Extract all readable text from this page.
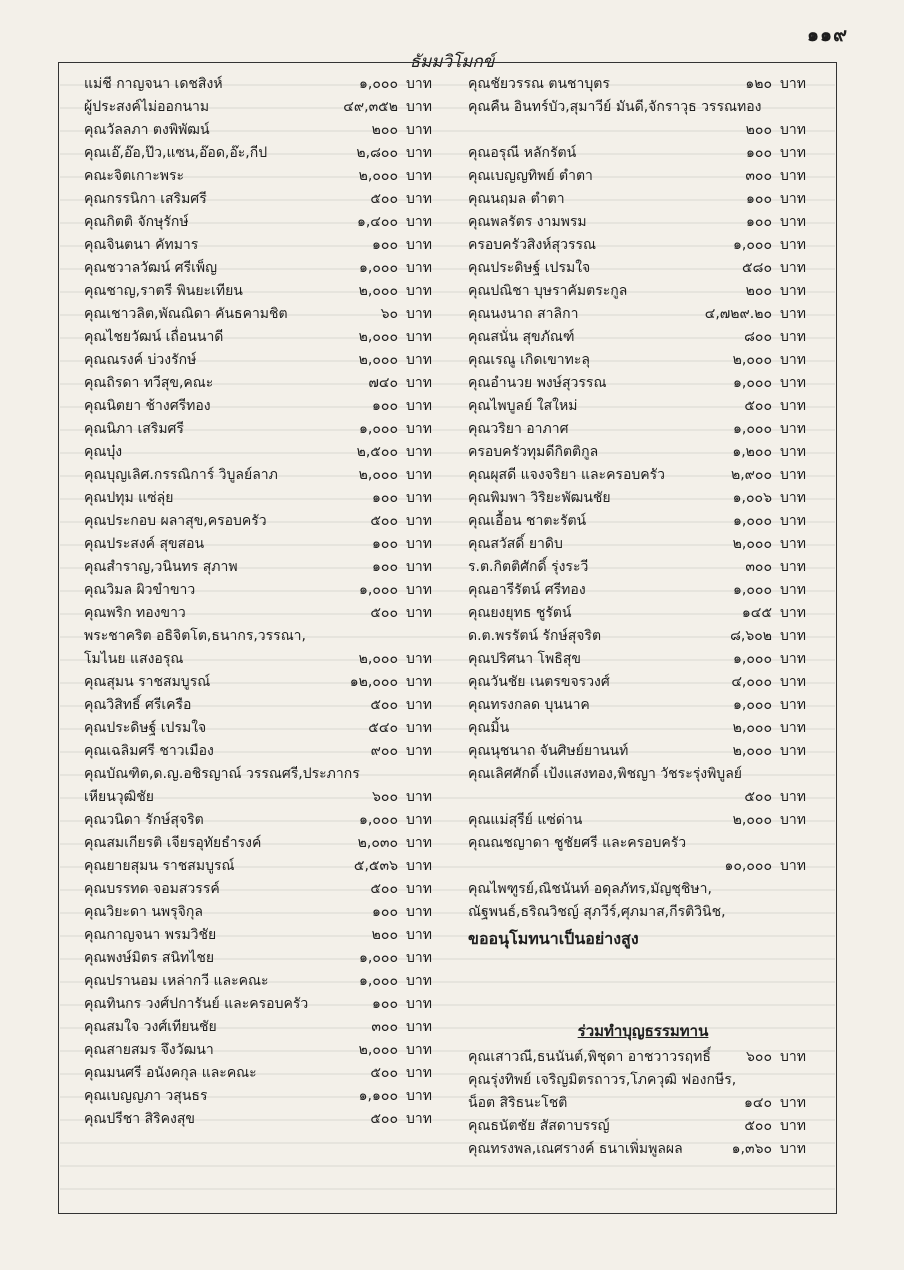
๑๑๙
ธัมมวิโมกข์
แม่ชี กาญจนา เดชสิงห์	๑,๐๐๐ บาท
ผู้ประสงค์ไม่ออกนาม	๔๙,๓๕๒ บาท
คุณวัลลภา ตงพิพัฒน์	๒๐๐ บาท
คุณเอ๊,อ๊อ,ป๊ว,แซน,อ๊อด,อ๊ะ,กีป	๒,๘๐๐ บาท
คณะจิตเกาะพระ	๒,๐๐๐ บาท
คุณกรรนิกา เสริมศรี	๕๐๐ บาท
คุณกิตติ จักษุรักษ์	๑,๔๐๐ บาท
คุณจินตนา คัทมาร	๑๐๐ บาท
คุณชวาลวัฒน์ ศรีเพ็ญ	๑,๐๐๐ บาท
คุณชาญ,ราตรี พินยะเทียน	๒,๐๐๐ บาท
คุณเชาวลิต,พัณณิดา คันธคามชิต	๖๐ บาท
คุณไชยวัฒน์ เถื่อนนาดี	๒,๐๐๐ บาท
คุณณรงค์ บ่วงรักษ์	๒,๐๐๐ บาท
คุณถิรดา ทวีสุข,คณะ	๗๔๐ บาท
คุณนิตยา ช้างศรีทอง	๑๐๐ บาท
คุณนิภา เสริมศรี	๑,๐๐๐ บาท
คุณบุ๋ง	๒,๕๐๐ บาท
คุณบุญเลิศ.กรรณิการ์ วิบูลย์ลาภ	๒,๐๐๐ บาท
คุณปทุม แซ่ลุ่ย	๑๐๐ บาท
คุณประกอบ ผลาสุข,ครอบครัว	๕๐๐ บาท
คุณประสงค์ สุขสอน	๑๐๐ บาท
คุณสำราญ,วนินทร สุภาพ	๑๐๐ บาท
คุณวิมล ผิวขำขาว	๑,๐๐๐ บาท
คุณพริก ทองขาว	๕๐๐ บาท
พระชาคริต อธิจิตโต,ธนากร,วรรณา,
โมไนย แสงอรุณ	๒,๐๐๐ บาท
คุณสุมน ราชสมบูรณ์	๑๒,๐๐๐ บาท
คุณวิสิทธิ์ ศรีเครือ	๕๐๐ บาท
คุณประดิษฐ์ เปรมใจ	๕๔๐ บาท
คุณเฉลิมศรี ชาวเมือง	๙๐๐ บาท
คุณบัณฑิต,ด.ญ.อชิรญาณ์ วรรณศรี,ประภากร
เหียนวุฒิชัย	๖๐๐ บาท
คุณวนิดา รักษ์สุจริต	๑,๐๐๐ บาท
คุณสมเกียรติ เจียรอุทัยธำรงค์	๒,๐๓๐ บาท
คุณยายสุมน ราชสมบูรณ์	๕,๕๓๖ บาท
คุณบรรทด จอมสวรรค์	๕๐๐ บาท
คุณวิยะดา นพรุจิกุล	๑๐๐ บาท
คุณกาญจนา พรมวิชัย	๒๐๐ บาท
คุณพงษ์มิตร สนิทไชย	๑,๐๐๐ บาท
คุณปรานอม เหล่ากวี และคณะ	๑,๐๐๐ บาท
คุณทินกร วงศ์ปการันย์ และครอบครัว	๑๐๐ บาท
คุณสมใจ วงศ์เทียนชัย	๓๐๐ บาท
คุณสายสมร จึงวัฒนา	๒,๐๐๐ บาท
คุณมนศรี อนังคกุล และคณะ	๕๐๐ บาท
คุณเบญญภา วสุนธร	๑,๑๐๐ บาท
คุณปรีชา สิริคงสุข	๕๐๐ บาท
คุณชัยวรรณ ตนชาบุตร	๑๒๐ บาท
คุณคืน อินทร์บัว,สุมาวีย์ มันดี,จักราวุธ วรรณทอง
๒๐๐ บาท
คุณอรุณี หลักรัตน์	๑๐๐ บาท
คุณเบญญทิพย์ ตำตา	๓๐๐ บาท
คุณนฤมล ตำตา	๑๐๐ บาท
คุณพลรัตร งามพรม	๑๐๐ บาท
ครอบครัวสิงห์สุวรรณ	๑,๐๐๐ บาท
คุณประดิษฐ์ เปรมใจ	๕๘๐ บาท
คุณปณิชา บุษราคัมตระกูล	๒๐๐ บาท
คุณนงนาถ สาลิกา	๔,๗๒๙.๒๐ บาท
คุณสนั่น สุขภัณฑ์	๘๐๐ บาท
คุณเรณู เกิดเขาทะลุ	๒,๐๐๐ บาท
คุณอำนวย พงษ์สุวรรณ	๑,๐๐๐ บาท
คุณไพบูลย์ ใสใหม่	๕๐๐ บาท
คุณวริยา อาภาศ	๑,๐๐๐ บาท
ครอบครัวทุมดีกิตติกูล	๑,๒๐๐ บาท
คุณผุสดี แจงจริยา และครอบครัว	๒,๙๐๐ บาท
คุณพิมพา วิริยะพัฒนชัย	๑,๐๐๖ บาท
คุณเอื้อน ชาตะรัตน์	๑,๐๐๐ บาท
คุณสวัสดิ์ ยาดิบ	๒,๐๐๐ บาท
ร.ต.กิตติศักดิ์ รุ่งระวี	๓๐๐ บาท
คุณอารีรัตน์ ศรีทอง	๑,๐๐๐ บาท
คุณยงยุทธ ชูรัตน์	๑๔๕ บาท
ด.ต.พรรัตน์ รักษ์สุจริต	๘,๖๐๒ บาท
คุณปริศนา โพธิสุข	๑,๐๐๐ บาท
คุณวันชัย เนตรขจรวงศ์	๔,๐๐๐ บาท
คุณทรงกลด บุนนาค	๑,๐๐๐ บาท
คุณมิ้น	๒,๐๐๐ บาท
คุณนุชนาถ จันศิษย์ยานนท์	๒,๐๐๐ บาท
คุณเลิศศักดิ์ เป้งแสงทอง,พิชญา วัชระรุ่งพิบูลย์
๕๐๐ บาท
คุณแม่สุรีย์ แซ่ด่าน	๒,๐๐๐ บาท
คุณณชญาดา ชูชัยศรี และครอบครัว
๑๐,๐๐๐ บาท
คุณไพฑูรย์,ณิชนันท์ อดุลภัทร,มัญชุชิษา,
ณัฐพนธ์,ธริณวิชญ์ สุภวีร์,ศุภมาส,กีรติวินิช,
ขออนุโมทนาเป็นอย่างสูง
ร่วมทำบุญธรรมทาน
คุณเสาวณี,ธนนันต์,พิชุดา อาชวาวรฤทธิ์	๖๐๐ บาท
คุณรุ่งทิพย์ เจริญมิตรถาวร,โภควุฒิ ฟองกษีร,
น็อต สิริธนะโชติ	๑๔๐ บาท
คุณธนัตชัย สัสดาบรรญ์	๕๐๐ บาท
คุณทรงพล,เณศรางค์ ธนาเพิ่มพูลผล	๑,๓๖๐ บาท
